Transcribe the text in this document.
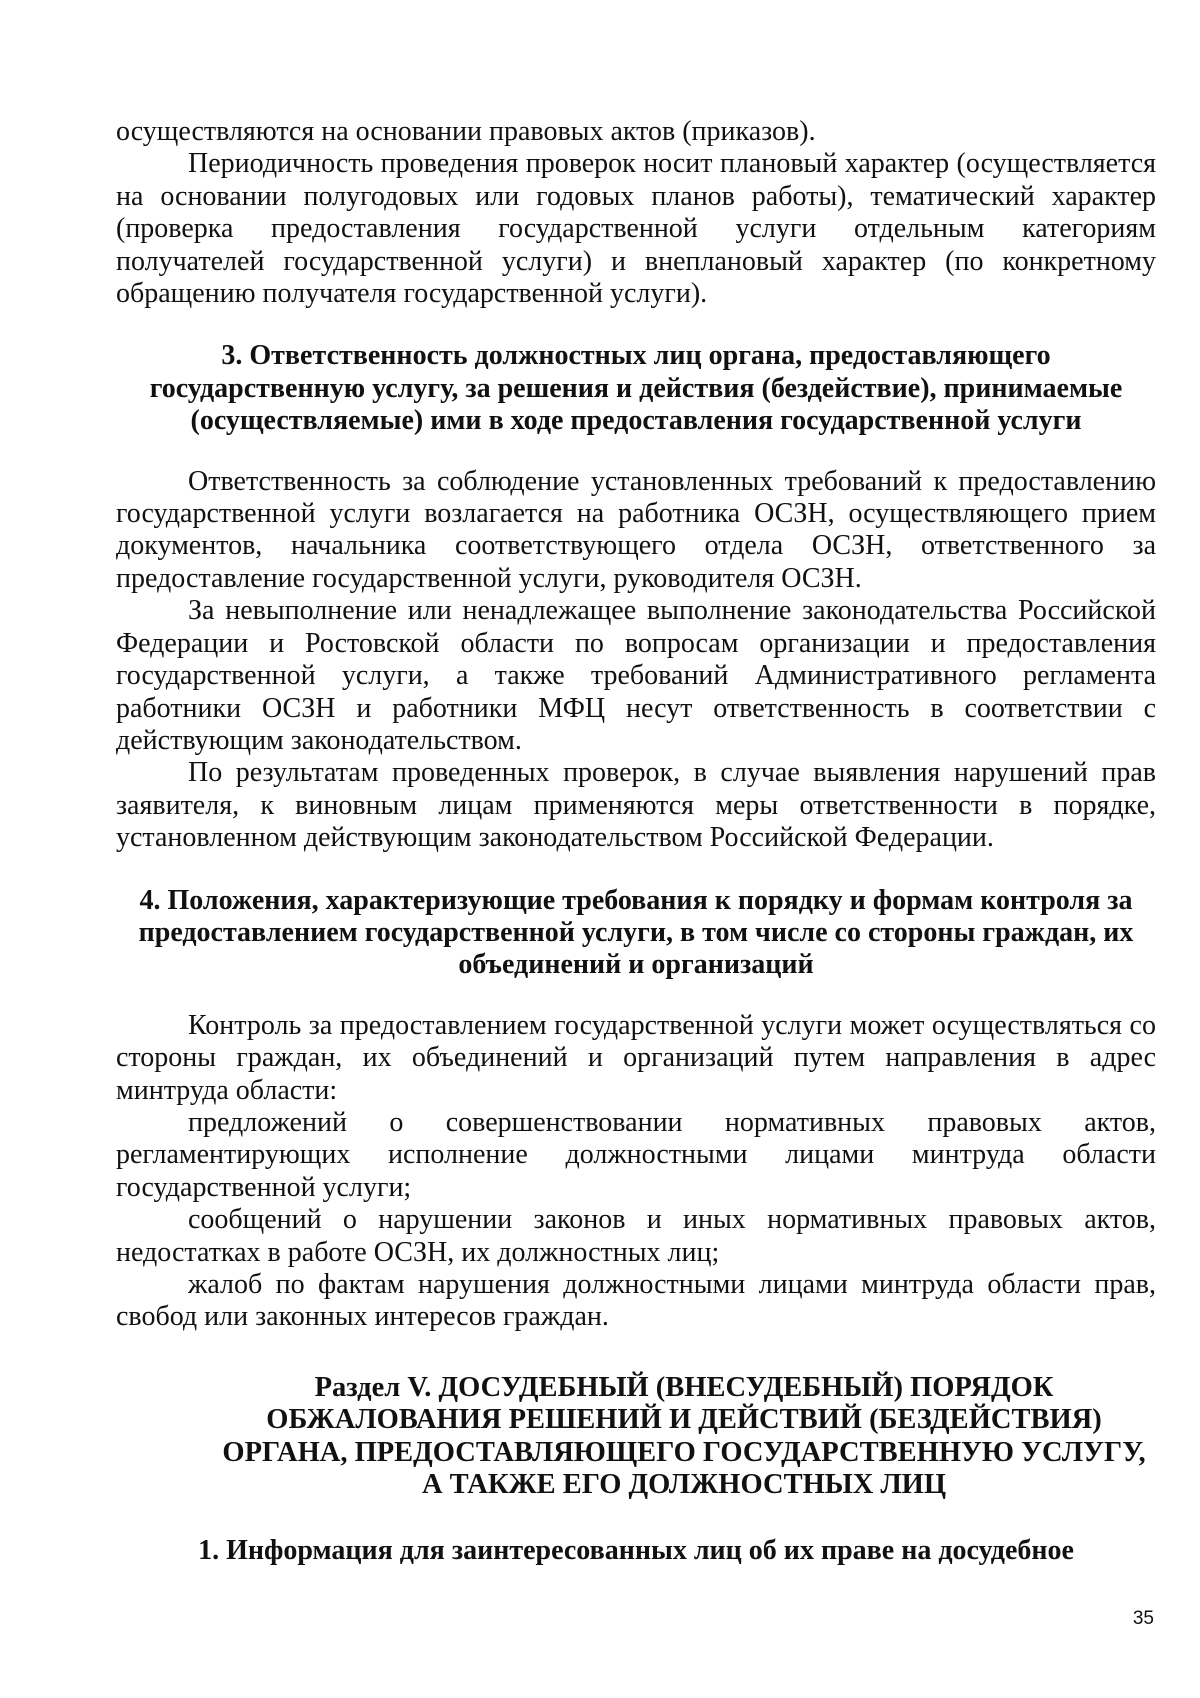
осуществляются на основании правовых актов (приказов).

Периодичность проведения проверок носит плановый характер (осуществляется на основании полугодовых или годовых планов работы), тематический характер (проверка предоставления государственной услуги отдельным категориям получателей государственной услуги) и внеплановый характер (по конкретному обращению получателя государственной услуги).

3. Ответственность должностных лиц органа, предоставляющего государственную услугу, за решения и действия (бездействие), принимаемые (осуществляемые) ими в ходе предоставления государственной услуги

Ответственность за соблюдение установленных требований к предоставлению государственной услуги возлагается на работника ОСЗН, осуществляющего прием документов, начальника соответствующего отдела ОСЗН, ответственного за предоставление государственной услуги, руководителя ОСЗН.

За невыполнение или ненадлежащее выполнение законодательства Российской Федерации и Ростовской области по вопросам организации и предоставления государственной услуги, а также требований Административного регламента работники ОСЗН и работники МФЦ несут ответственность в соответствии с действующим законодательством.

По результатам проведенных проверок, в случае выявления нарушений прав заявителя, к виновным лицам применяются меры ответственности в порядке, установленном действующим законодательством Российской Федерации.

4. Положения, характеризующие требования к порядку и формам контроля за предоставлением государственной услуги, в том числе со стороны граждан, их объединений и организаций

Контроль за предоставлением государственной услуги может осуществляться со стороны граждан, их объединений и организаций путем направления в адрес минтруда области:

предложений о совершенствовании нормативных правовых актов, регламентирующих исполнение должностными лицами минтруда области государственной услуги;

сообщений о нарушении законов и иных нормативных правовых актов, недостатках в работе ОСЗН, их должностных лиц;

жалоб по фактам нарушения должностными лицами минтруда области прав, свобод или законных интересов граждан.

Раздел V. ДОСУДЕБНЫЙ (ВНЕСУДЕБНЫЙ) ПОРЯДОК ОБЖАЛОВАНИЯ РЕШЕНИЙ И ДЕЙСТВИЙ (БЕЗДЕЙСТВИЯ) ОРГАНА, ПРЕДОСТАВЛЯЮЩЕГО ГОСУДАРСТВЕННУЮ УСЛУГУ, А ТАКЖЕ ЕГО ДОЛЖНОСТНЫХ ЛИЦ
1. Информация для заинтересованных лиц об их праве на досудебное
35
